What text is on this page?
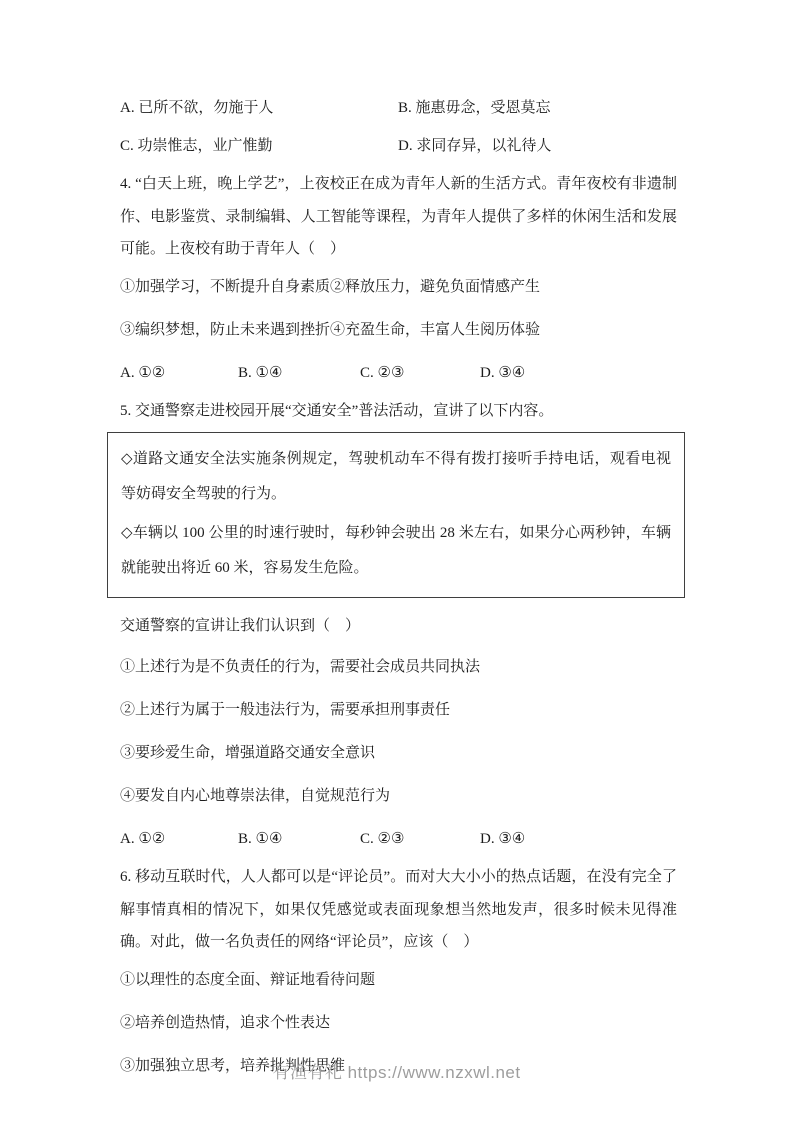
A. 已所不欲，勿施于人	B. 施惠毋念，受恩莫忘
C. 功崇惟志，业广惟勤	D. 求同存异，以礼待人

4. “白天上班，晚上学艺”，上夜校正在成为青年人新的生活方式。青年夜校有非遗制作、电影鉴赏、录制编辑、人工智能等课程，为青年人提供了多样的休闲生活和发展可能。上夜校有助于青年人（　）

①加强学习，不断提升自身素质②释放压力，避免负面情感产生

③编织梦想，防止未来遇到挫折④充盈生命，丰富人生阅历体验

A. ①②	B. ①④	C. ②③	D. ③④

5. 交通警察走进校园开展“交通安全”普法活动，宣讲了以下内容。

◇道路文通安全法实施条例规定，驾驶机动车不得有拨打接听手持电话，观看电视等妨碍安全驾驶的行为。

◇车辆以 100 公里的时速行驶时，每秒钟会驶出 28 米左右，如果分心两秒钟，车辆就能驶出将近 60 米，容易发生危险。

交通警察的宣讲让我们认识到（　）

①上述行为是不负责任的行为，需要社会成员共同执法

②上述行为属于一般违法行为，需要承担刑事责任

③要珍爱生命，增强道路交通安全意识

④要发自内心地尊崇法律，自觉规范行为

A. ①②	B. ①④	C. ②③	D. ③④

6. 移动互联时代，人人都可以是“评论员”。而对大大小小的热点话题，在没有完全了解事情真相的情况下，如果仅凭感觉或表面现象想当然地发声，很多时候未见得准确。对此，做一名负责任的网络“评论员”，应该（　）

①以理性的态度全面、辩证地看待问题

②培养创造热情，追求个性表达

③加强独立思考，培养批判性思维

有渔有礼 https://www.nzxwl.net
